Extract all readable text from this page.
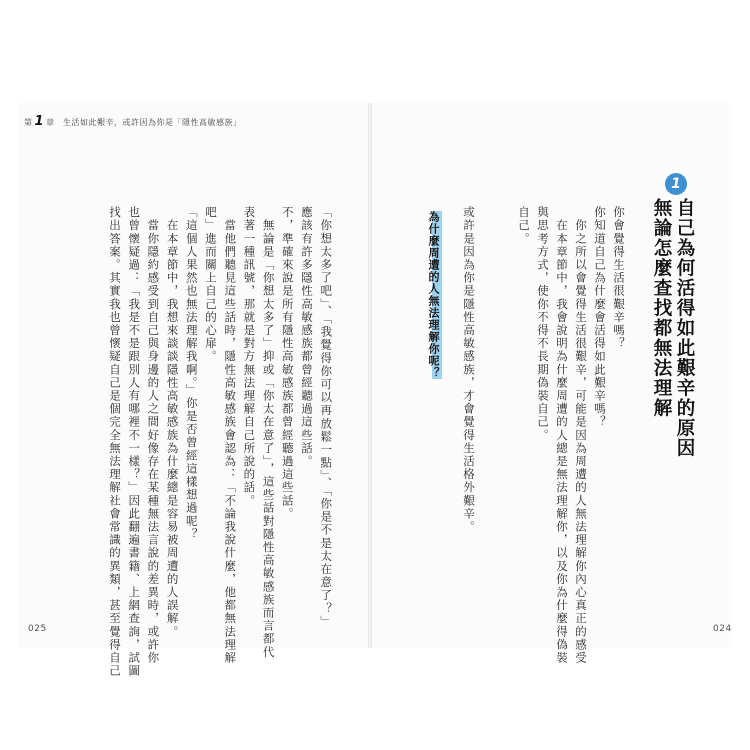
第 1 章　生活如此艱辛，或許因為你是「隱性高敏感族」
找出答案。其實我也曾懷疑自己是個完全無法理解社會常識的異類，甚至覺得自己 也曾懷疑過：「我是不是跟別人有哪裡不一樣？」因此翻遍書籍、上網查詢，試圖 　當你隱約感受到自己與身邊的人之間好像存在某種無法言說的差異時，或許你 　在本章節中，我想來談談隱性高敏感族為什麼總是容易被周遭的人誤解。 「這個人果然也無法理解我啊。」你是否曾經這樣想過呢？ 吧」進而關上自己的心扉。 　當他們聽見這些話時，隱性高敏感族會認為：「不論我說什麼，他都無法理解 表著一種訊號，那就是對方無法理解自己所說的話。 　無論是「你想太多了」抑或「你太在意了」，這些話對隱性高敏感族而言都代 不，準確來說是所有隱性高敏感族都曾經聽過這些話。 應該有許多隱性高敏感族都曾經聽過這些話。 「你想太多了吧」、「我覺得你可以再放鬆一點」、「你是不是太在意了？」
025
1
自己為何活得如此艱辛的原因
無論怎麼查找都無法理解
為什麼周遭的人無法理解你呢？ 或許是因為你是隱性高敏感族，才會覺得生活格外艱辛。	自己。 與思考方式，使你不得不長期偽裝自己。 　在本章節中，我會說明為什麼周遭的人總是無法理解你，以及你為什麼得偽裝 　你之所以會覺得生活很艱辛，可能是因為周遭的人無法理解你內心真正的感受 你知道自己為什麼會活得如此艱辛嗎？ 你會覺得生活很艱辛嗎？
024
